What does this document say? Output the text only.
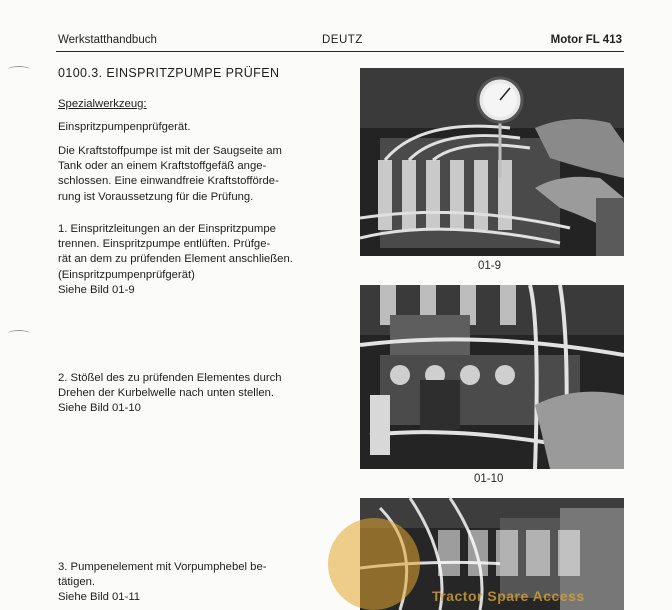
Werkstatthandbuch	DEUTZ	Motor FL 413
0100.3. EINSPRITZPUMPE PRÜFEN
Spezialwerkzeug:
Einspritzpumpenprüfgerät.
Die Kraftstoffpumpe ist mit der Saugseite am
Tank oder an einem Kraftstoffgefäß ange-
schlossen. Eine einwandfreie Kraftstofförde-
rung ist Voraussetzung für die Prüfung.
1. Einspritzleitungen an der Einspritzpumpe
trennen. Einspritzpumpe entlüften. Prüfge-
rät an dem zu prüfenden Element anschließen.
(Einspritzpumpenprüfgerät)
Siehe Bild 01-9
2. Stößel des zu prüfenden Elementes durch
Drehen der Kurbelwelle nach unten stellen.
Siehe Bild 01-10
3. Pumpenelement mit Vorpumphebel be-
tätigen.
Siehe Bild 01-11
01-9
01-10
Tractor Spare Access
